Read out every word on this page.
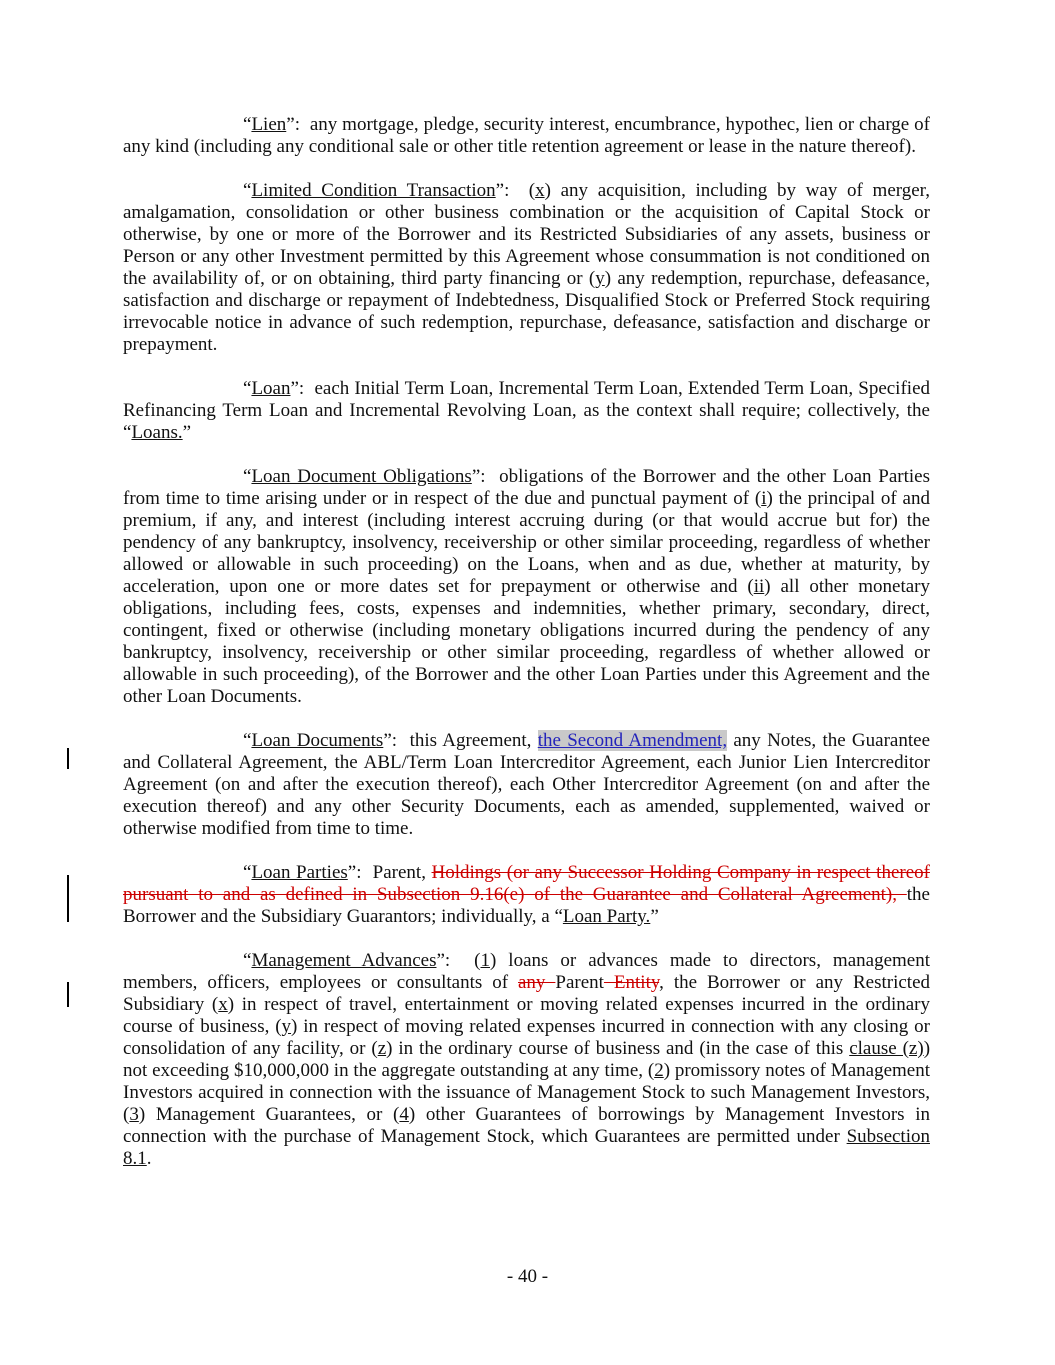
“Lien”:  any mortgage, pledge, security interest, encumbrance, hypothec, lien or charge of any kind (including any conditional sale or other title retention agreement or lease in the nature thereof).

“Limited Condition Transaction”:  (x) any acquisition, including by way of merger, amalgamation, consolidation or other business combination or the acquisition of Capital Stock or otherwise, by one or more of the Borrower and its Restricted Subsidiaries of any assets, business or Person or any other Investment permitted by this Agreement whose consummation is not conditioned on the availability of, or on obtaining, third party financing or (y) any redemption, repurchase, defeasance, satisfaction and discharge or repayment of Indebtedness, Disqualified Stock or Preferred Stock requiring irrevocable notice in advance of such redemption, repurchase, defeasance, satisfaction and discharge or prepayment.

“Loan”:  each Initial Term Loan, Incremental Term Loan, Extended Term Loan, Specified Refinancing Term Loan and Incremental Revolving Loan, as the context shall require; collectively, the “Loans.”

“Loan Document Obligations”:  obligations of the Borrower and the other Loan Parties from time to time arising under or in respect of the due and punctual payment of (i) the principal of and premium, if any, and interest (including interest accruing during (or that would accrue but for) the pendency of any bankruptcy, insolvency, receivership or other similar proceeding, regardless of whether allowed or allowable in such proceeding) on the Loans, when and as due, whether at maturity, by acceleration, upon one or more dates set for prepayment or otherwise and (ii) all other monetary obligations, including fees, costs, expenses and indemnities, whether primary, secondary, direct, contingent, fixed or otherwise (including monetary obligations incurred during the pendency of any bankruptcy, insolvency, receivership or other similar proceeding, regardless of whether allowed or allowable in such proceeding), of the Borrower and the other Loan Parties under this Agreement and the other Loan Documents.

“Loan Documents”:  this Agreement, the Second Amendment, any Notes, the Guarantee and Collateral Agreement, the ABL/Term Loan Intercreditor Agreement, each Junior Lien Intercreditor Agreement (on and after the execution thereof), each Other Intercreditor Agreement (on and after the execution thereof) and any other Security Documents, each as amended, supplemented, waived or otherwise modified from time to time.

“Loan Parties”:  Parent, Holdings (or any Successor Holding Company in respect thereof pursuant to and as defined in Subsection 9.16(e) of the Guarantee and Collateral Agreement), the Borrower and the Subsidiary Guarantors; individually, a “Loan Party.”

“Management Advances”:  (1) loans or advances made to directors, management members, officers, employees or consultants of any Parent Entity, the Borrower or any Restricted Subsidiary (x) in respect of travel, entertainment or moving related expenses incurred in the ordinary course of business, (y) in respect of moving related expenses incurred in connection with any closing or consolidation of any facility, or (z) in the ordinary course of business and (in the case of this clause (z)) not exceeding $10,000,000 in the aggregate outstanding at any time, (2) promissory notes of Management Investors acquired in connection with the issuance of Management Stock to such Management Investors, (3) Management Guarantees, or (4) other Guarantees of borrowings by Management Investors in connection with the purchase of Management Stock, which Guarantees are permitted under Subsection 8.1.

- 40 -
